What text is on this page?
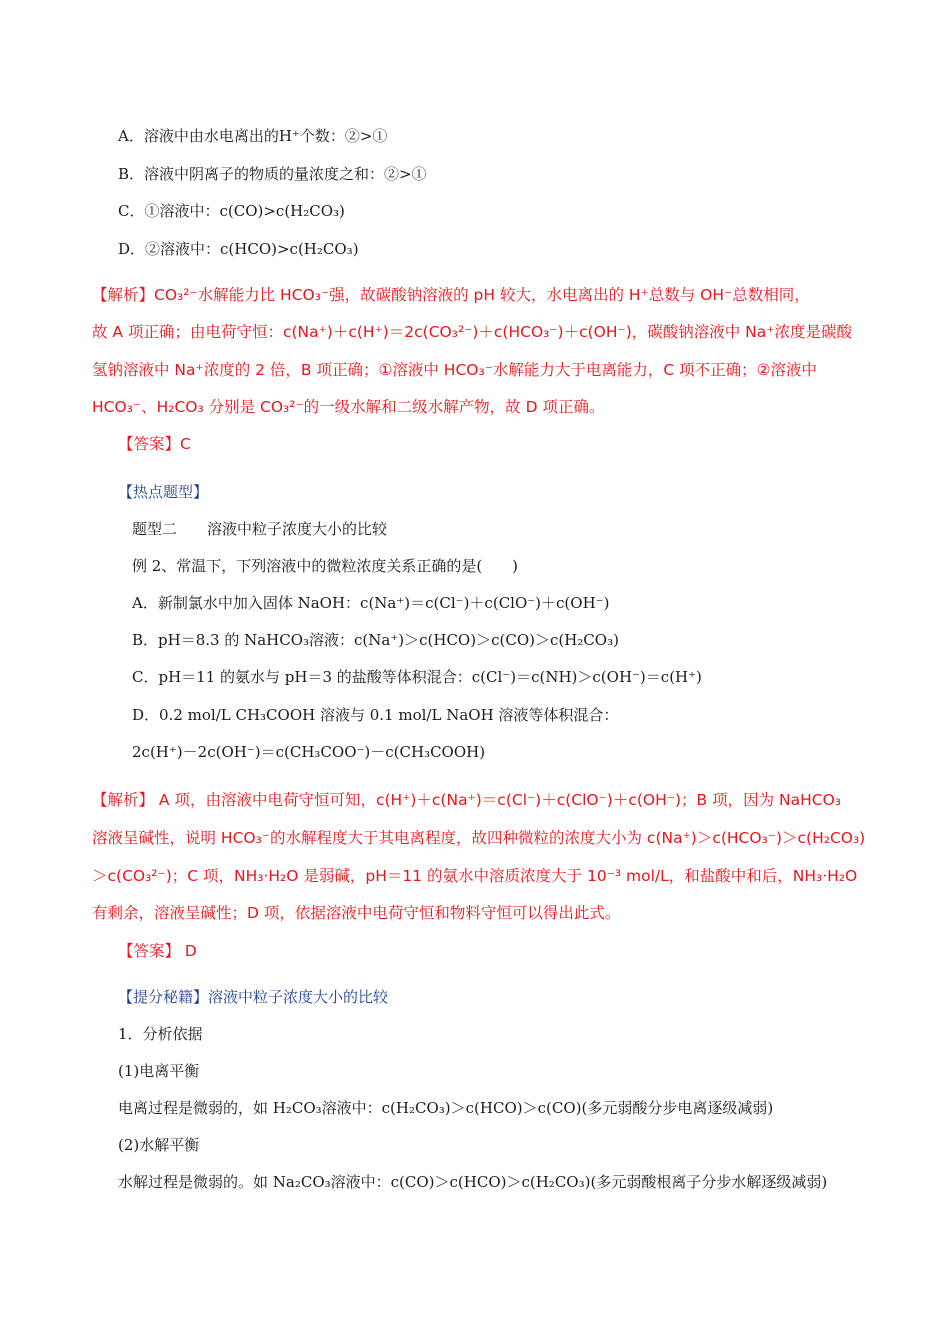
A．溶液中由水电离出的H⁺个数：②>①
B．溶液中阴离子的物质的量浓度之和：②>①
C．①溶液中：c(CO)>c(H₂CO₃)
D．②溶液中：c(HCO)>c(H₂CO₃)
【解析】CO₃²⁻水解能力比 HCO₃⁻强，故碳酸钠溶液的 pH 较大，水电离出的 H⁺总数与 OH⁻总数相同，
故 A 项正确；由电荷守恒：c(Na⁺)＋c(H⁺)＝2c(CO₃²⁻)＋c(HCO₃⁻)＋c(OH⁻)，碳酸钠溶液中 Na⁺浓度是碳酸
氢钠溶液中 Na⁺浓度的 2 倍，B 项正确；①溶液中 HCO₃⁻水解能力大于电离能力，C 项不正确；②溶液中
HCO₃⁻、H₂CO₃ 分别是 CO₃²⁻的一级水解和二级水解产物，故 D 项正确。
【答案】C
【热点题型】
题型二　　溶液中粒子浓度大小的比较
例 2、常温下，下列溶液中的微粒浓度关系正确的是(　　)
A．新制氯水中加入固体 NaOH：c(Na⁺)＝c(Cl⁻)＋c(ClO⁻)＋c(OH⁻)
B．pH＝8.3 的 NaHCO₃溶液：c(Na⁺)＞c(HCO)＞c(CO)＞c(H₂CO₃)
C．pH＝11 的氨水与 pH＝3 的盐酸等体积混合：c(Cl⁻)＝c(NH)＞c(OH⁻)＝c(H⁺)
D．0.2 mol/L CH₃COOH 溶液与 0.1 mol/L NaOH 溶液等体积混合：
2c(H⁺)－2c(OH⁻)＝c(CH₃COO⁻)－c(CH₃COOH)
【解析】 A 项，由溶液中电荷守恒可知，c(H⁺)＋c(Na⁺)＝c(Cl⁻)＋c(ClO⁻)＋c(OH⁻)；B 项，因为 NaHCO₃
溶液呈碱性，说明 HCO₃⁻的水解程度大于其电离程度，故四种微粒的浓度大小为 c(Na⁺)＞c(HCO₃⁻)＞c(H₂CO₃)
＞c(CO₃²⁻)；C 项，NH₃·H₂O 是弱碱，pH＝11 的氨水中溶质浓度大于 10⁻³ mol/L，和盐酸中和后，NH₃·H₂O
有剩余，溶液呈碱性；D 项，依据溶液中电荷守恒和物料守恒可以得出此式。
【答案】 D
【提分秘籍】溶液中粒子浓度大小的比较
1．分析依据
(1)电离平衡
电离过程是微弱的，如 H₂CO₃溶液中：c(H₂CO₃)＞c(HCO)＞c(CO)(多元弱酸分步电离逐级减弱)
(2)水解平衡
水解过程是微弱的。如 Na₂CO₃溶液中：c(CO)＞c(HCO)＞c(H₂CO₃)(多元弱酸根离子分步水解逐级减弱)
